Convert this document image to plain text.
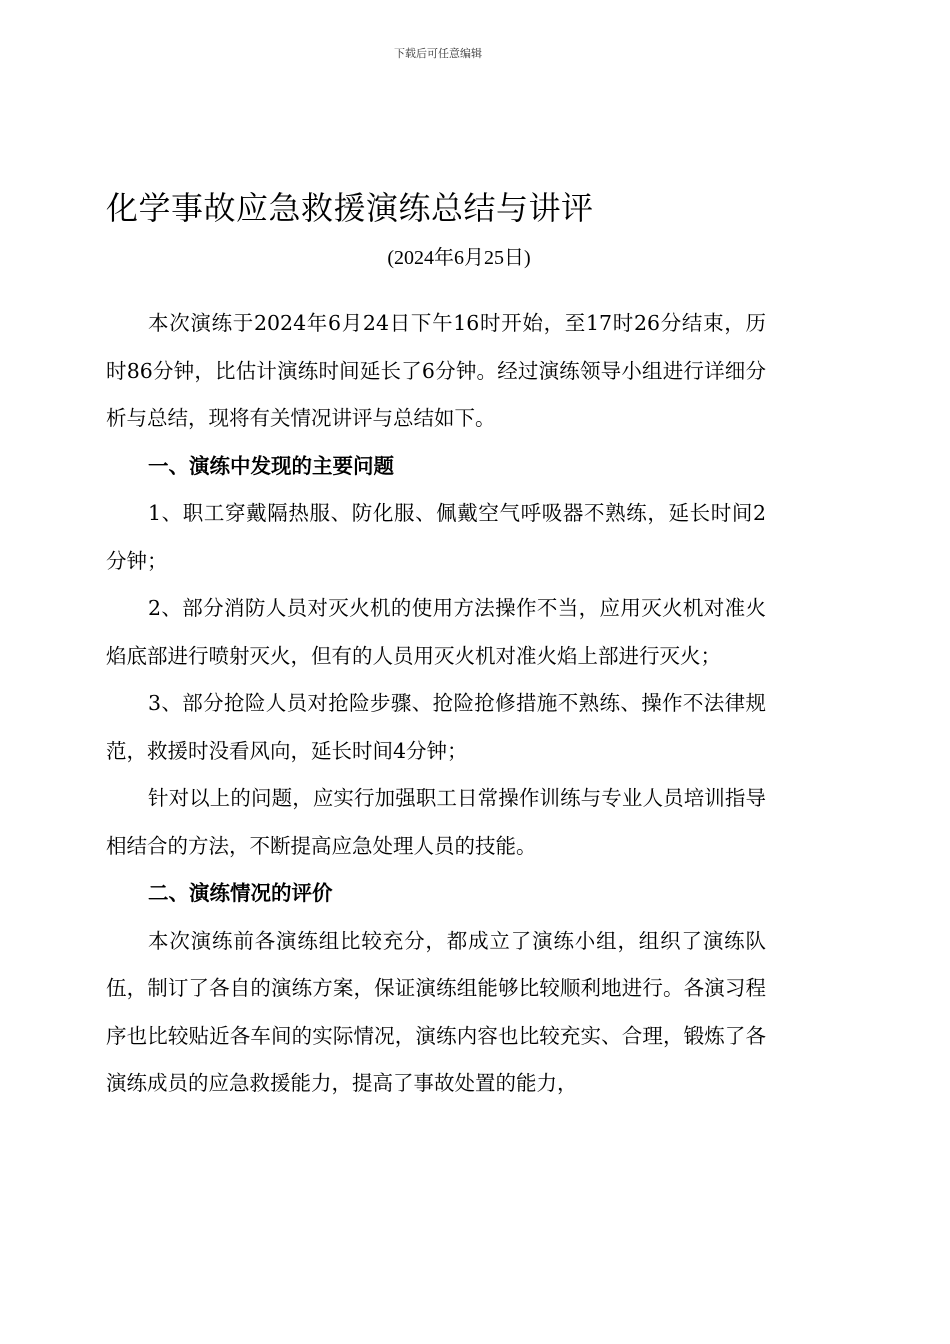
下载后可任意编辑
化学事故应急救援演练总结与讲评
(2024年6月25日)

本次演练于2024年6月24日下午16时开始，至17时26分结束，历时86分钟，比估计演练时间延长了6分钟。经过演练领导小组进行详细分析与总结，现将有关情况讲评与总结如下。

一、演练中发现的主要问题

1、职工穿戴隔热服、防化服、佩戴空气呼吸器不熟练，延长时间2分钟；

2、部分消防人员对灭火机的使用方法操作不当，应用灭火机对准火焰底部进行喷射灭火，但有的人员用灭火机对准火焰上部进行灭火；

3、部分抢险人员对抢险步骤、抢险抢修措施不熟练、操作不法律规范，救援时没看风向，延长时间4分钟；

针对以上的问题，应实行加强职工日常操作训练与专业人员培训指导相结合的方法，不断提高应急处理人员的技能。

二、演练情况的评价

本次演练前各演练组比较充分，都成立了演练小组，组织了演练队伍，制订了各自的演练方案，保证演练组能够比较顺利地进行。各演习程序也比较贴近各车间的实际情况，演练内容也比较充实、合理，锻炼了各演练成员的应急救援能力，提高了事故处置的能力，
